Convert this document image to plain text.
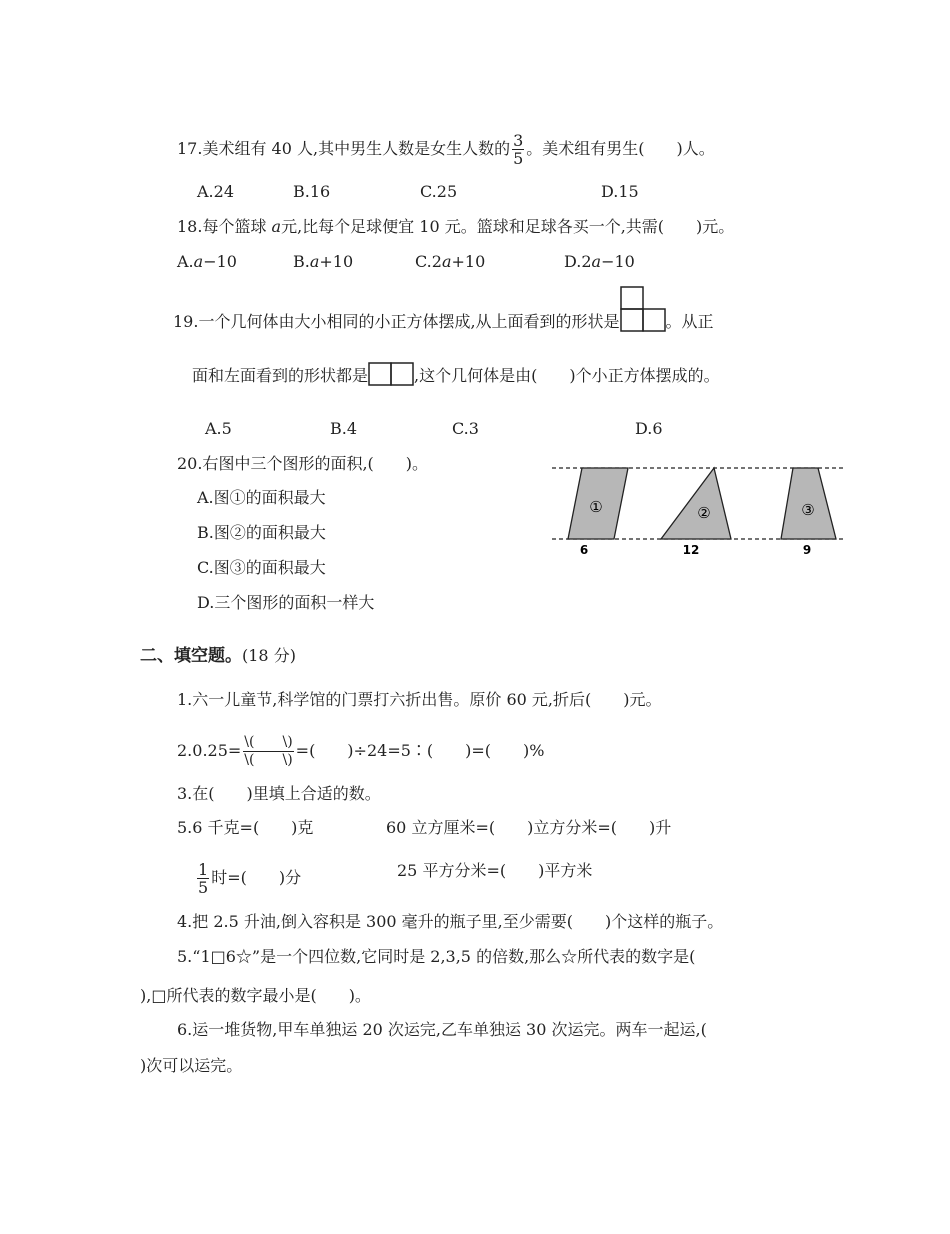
17.美术组有 40 人,其中男生人数是女生人数的 $\frac{3}{5}$ 。美术组有男生(　　)人。
A.24	B.16	C.25	D.15
18.每个篮球 a元,比每个足球便宜 10 元。篮球和足球各买一个,共需(　　)元。
A.a−10	B.a+10	C.2a+10	D.2a−10
19.一个几何体由大小相同的小正方体摆成,从上面看到的形状是	。从正
面和左面看到的形状都是	,这个几何体是由(　　)个小正方体摆成的。
A.5	B.4	C.3	D.6
20.右图中三个图形的面积,(　　)。
A.图①的面积最大
B.图②的面积最大
C.图③的面积最大
D.三个图形的面积一样大
①	②	③
6	12	9
二、填空题。(18 分)
1.六一儿童节,科学馆的门票打六折出售。原价 60 元,折后(　　)元。
$2.0.25= \frac{\backslash( \backslash)}{\backslash( \backslash)}$ =(　　)÷24=5∶(　　)=(　　)%
3.在(　　)里填上合适的数。
5.6 千克=(　　)克	60 立方厘米=(　　)立方分米=(　　)升
$\frac{1}{5}$ 时=(　　)分	25 平方分米=(　　)平方米
4.把 2.5 升油,倒入容积是 300 毫升的瓶子里,至少需要(　　)个这样的瓶子。
5.“1□6☆”是一个四位数,它同时是 2,3,5 的倍数,那么☆所代表的数字是(
),□所代表的数字最小是(　　)。
6.运一堆货物,甲车单独运 20 次运完,乙车单独运 30 次运完。两车一起运,(
)次可以运完。
